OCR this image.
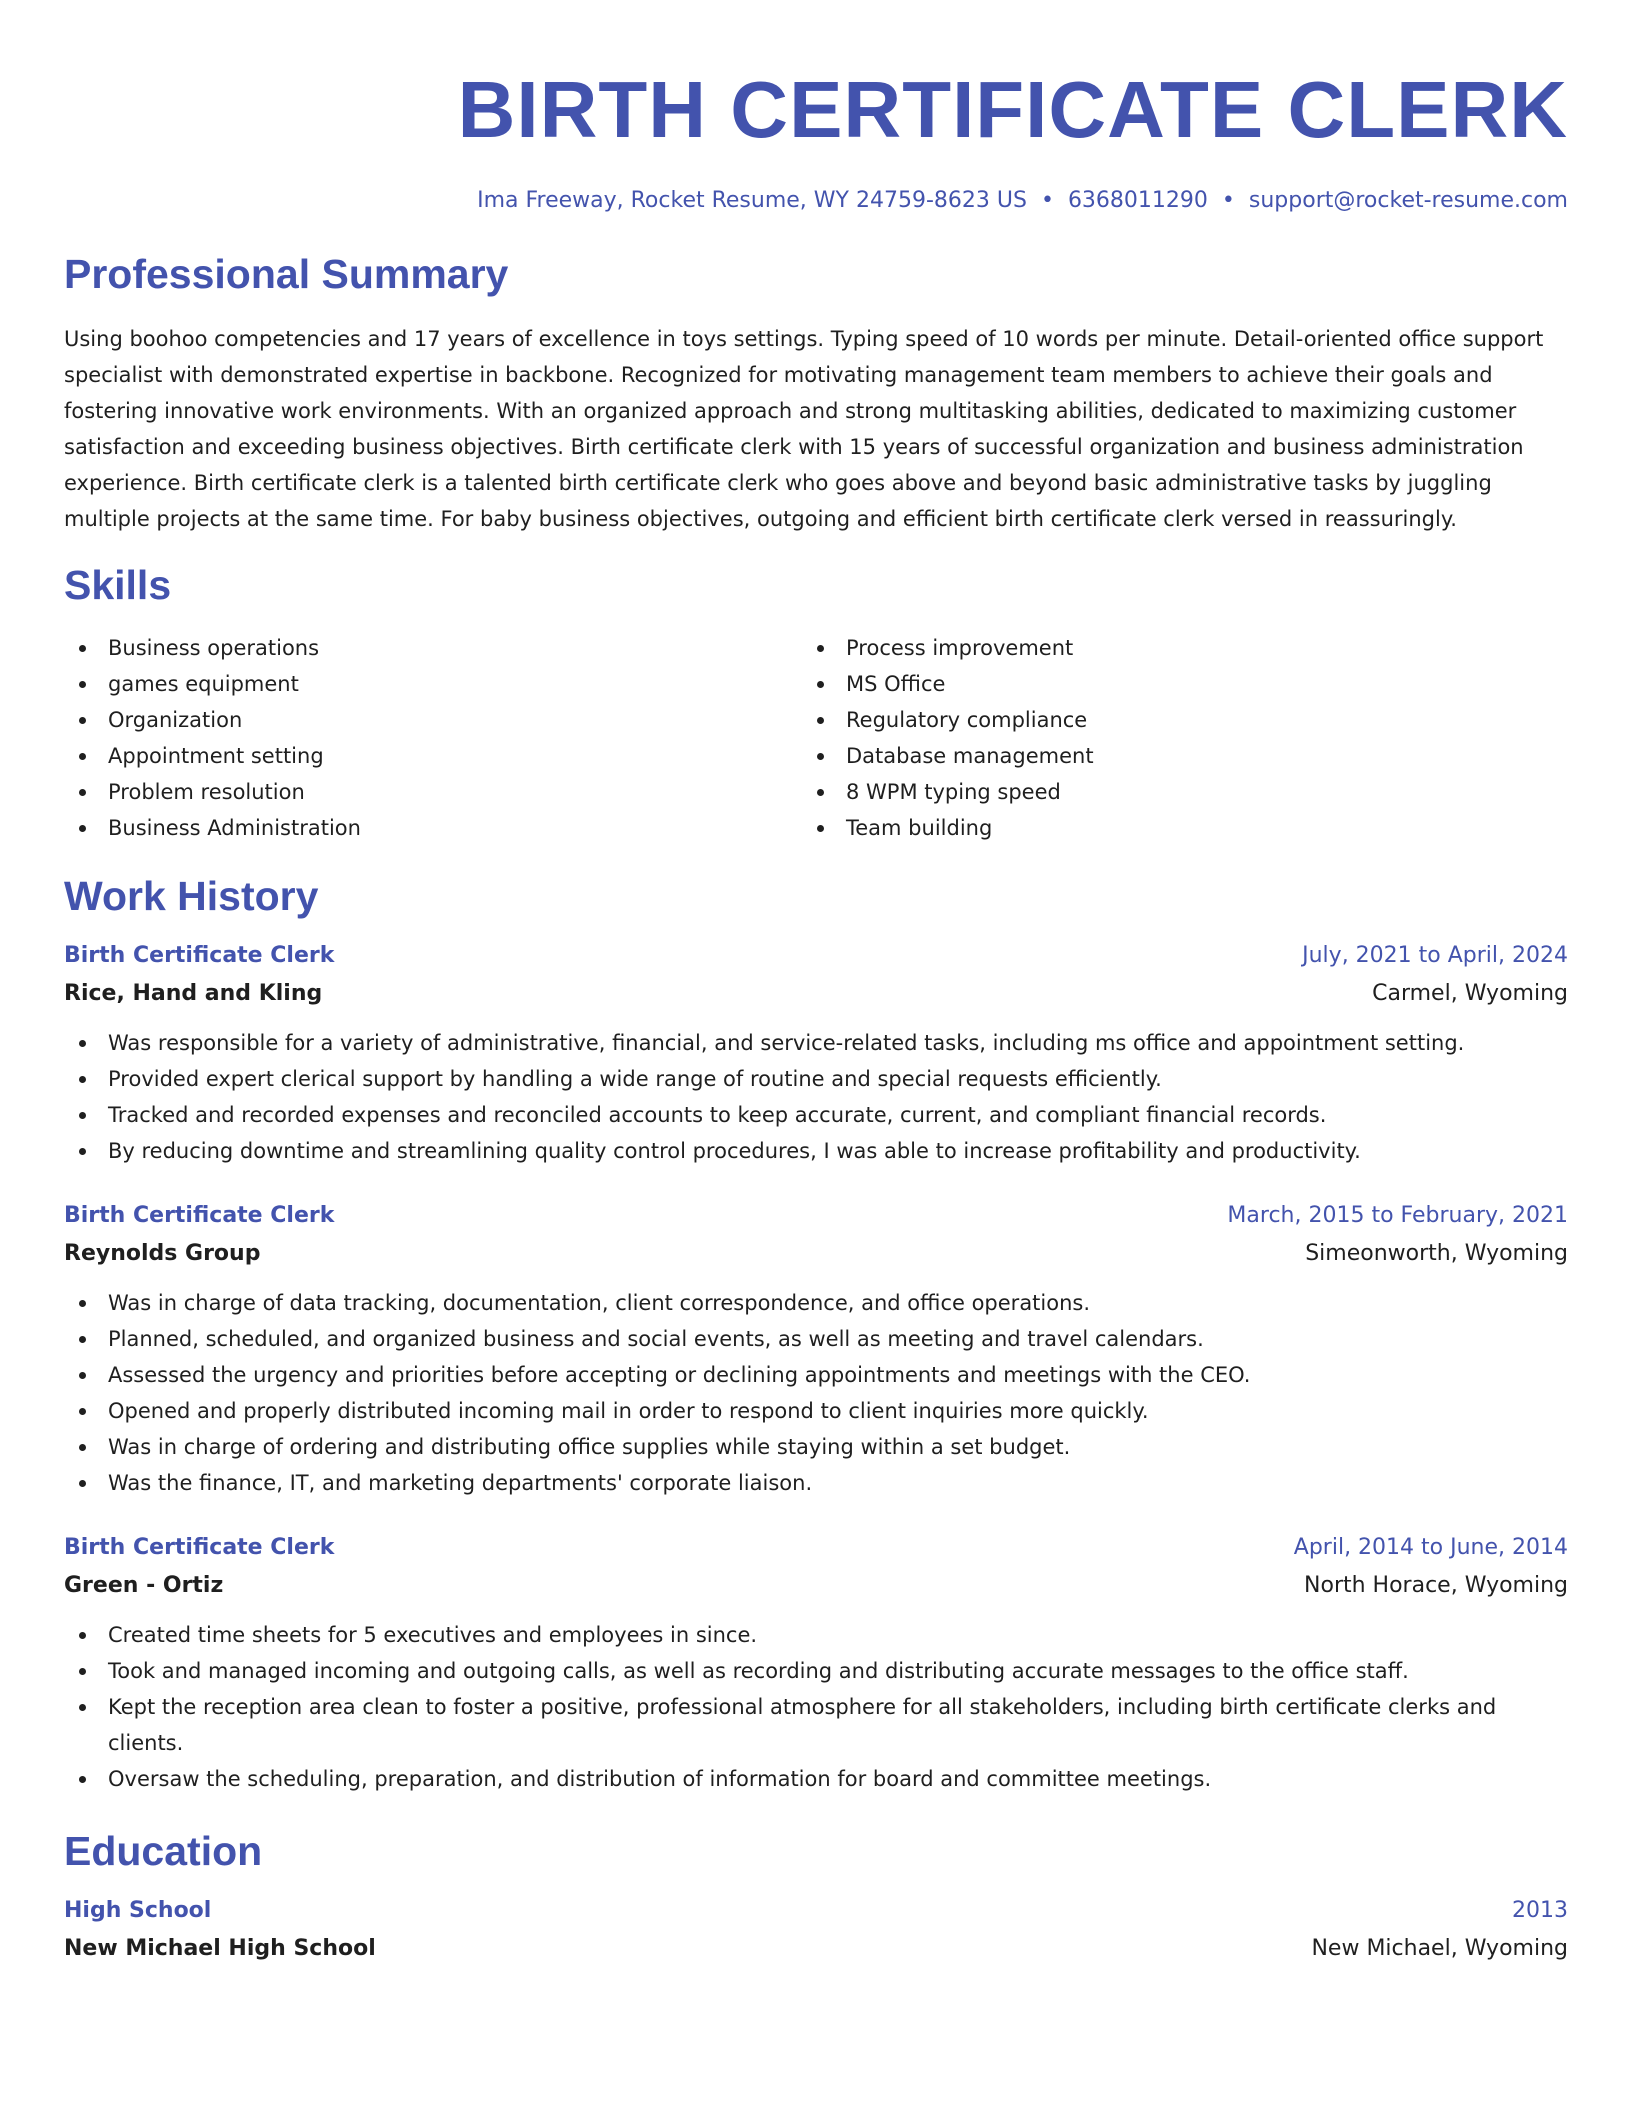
BIRTH CERTIFICATE CLERK
Ima Freeway, Rocket Resume, WY 24759-8623 US • 6368011290 • support@rocket-resume.com
Professional Summary

Using boohoo competencies and 17 years of excellence in toys settings. Typing speed of 10 words per minute. Detail-oriented office support specialist with demonstrated expertise in backbone. Recognized for motivating management team members to achieve their goals and fostering innovative work environments. With an organized approach and strong multitasking abilities, dedicated to maximizing customer satisfaction and exceeding business objectives. Birth certificate clerk with 15 years of successful organization and business administration experience. Birth certificate clerk is a talented birth certificate clerk who goes above and beyond basic administrative tasks by juggling multiple projects at the same time. For baby business objectives, outgoing and efficient birth certificate clerk versed in reassuringly.

Skills
Business operations
games equipment
Organization
Appointment setting
Problem resolution
Business Administration
Process improvement
MS Office
Regulatory compliance
Database management
8 WPM typing speed
Team building
Work History
Birth Certificate Clerk	July, 2021 to April, 2024
Rice, Hand and Kling	Carmel, Wyoming
Was responsible for a variety of administrative, financial, and service-related tasks, including ms office and appointment setting.
Provided expert clerical support by handling a wide range of routine and special requests efficiently.
Tracked and recorded expenses and reconciled accounts to keep accurate, current, and compliant financial records.
By reducing downtime and streamlining quality control procedures, I was able to increase profitability and productivity.
Birth Certificate Clerk	March, 2015 to February, 2021
Reynolds Group	Simeonworth, Wyoming
Was in charge of data tracking, documentation, client correspondence, and office operations.
Planned, scheduled, and organized business and social events, as well as meeting and travel calendars.
Assessed the urgency and priorities before accepting or declining appointments and meetings with the CEO.
Opened and properly distributed incoming mail in order to respond to client inquiries more quickly.
Was in charge of ordering and distributing office supplies while staying within a set budget.
Was the finance, IT, and marketing departments' corporate liaison.
Birth Certificate Clerk	April, 2014 to June, 2014
Green - Ortiz	North Horace, Wyoming
Created time sheets for 5 executives and employees in since.
Took and managed incoming and outgoing calls, as well as recording and distributing accurate messages to the office staff.
Kept the reception area clean to foster a positive, professional atmosphere for all stakeholders, including birth certificate clerks and clients.
Oversaw the scheduling, preparation, and distribution of information for board and committee meetings.
Education
High School	2013
New Michael High School	New Michael, Wyoming
